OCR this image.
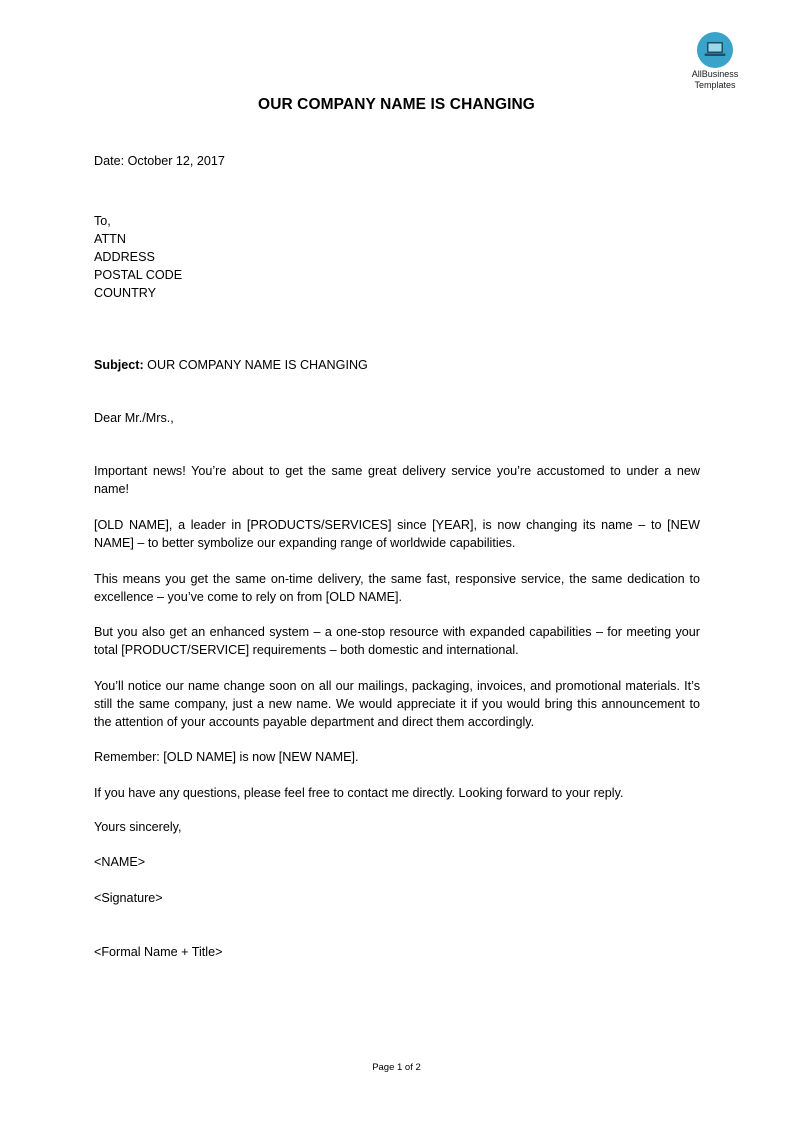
AllBusiness
Templates
OUR COMPANY NAME IS CHANGING
Date: October 12, 2017
To,
ATTN
ADDRESS
POSTAL CODE
COUNTRY
Subject: OUR COMPANY NAME IS CHANGING
Dear Mr./Mrs.,
Important news! You’re about to get the same great delivery service you’re accustomed to under a new name!
[OLD NAME], a leader in [PRODUCTS/SERVICES] since [YEAR], is now changing its name – to [NEW NAME] – to better symbolize our expanding range of worldwide capabilities.
This means you get the same on-time delivery, the same fast, responsive service, the same dedication to excellence – you’ve come to rely on from [OLD NAME].
But you also get an enhanced system – a one-stop resource with expanded capabilities – for meeting your total [PRODUCT/SERVICE] requirements – both domestic and international.
You’ll notice our name change soon on all our mailings, packaging, invoices, and promotional materials. It’s still the same company, just a new name. We would appreciate it if you would bring this announcement to the attention of your accounts payable department and direct them accordingly.
Remember: [OLD NAME] is now [NEW NAME].
If you have any questions, please feel free to contact me directly. Looking forward to your reply.
Yours sincerely,
<NAME>
<Signature>
<Formal Name + Title>
Page 1 of 2
